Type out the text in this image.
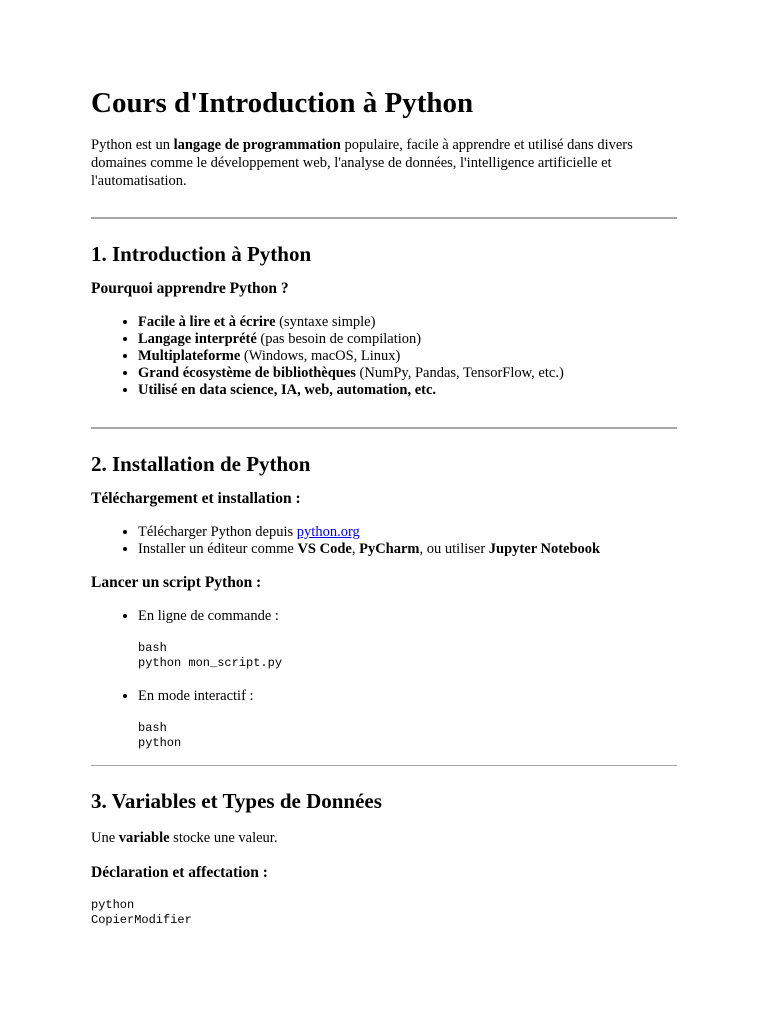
Cours d'Introduction à Python

Python est un langage de programmation populaire, facile à apprendre et utilisé dans divers domaines comme le développement web, l'analyse de données, l'intelligence artificielle et l'automatisation.

1. Introduction à Python
Pourquoi apprendre Python ?
• Facile à lire et à écrire (syntaxe simple)
• Langage interprété (pas besoin de compilation)
• Multiplateforme (Windows, macOS, Linux)
• Grand écosystème de bibliothèques (NumPy, Pandas, TensorFlow, etc.)
• Utilisé en data science, IA, web, automation, etc.
2. Installation de Python
Téléchargement et installation :
• Télécharger Python depuis python.org
• Installer un éditeur comme VS Code, PyCharm, ou utiliser Jupyter Notebook
Lancer un script Python :
• En ligne de commande :
bash
python mon_script.py
• En mode interactif :
bash
python
3. Variables et Types de Données

Une variable stocke une valeur.

Déclaration et affectation :
python
CopierModifier
